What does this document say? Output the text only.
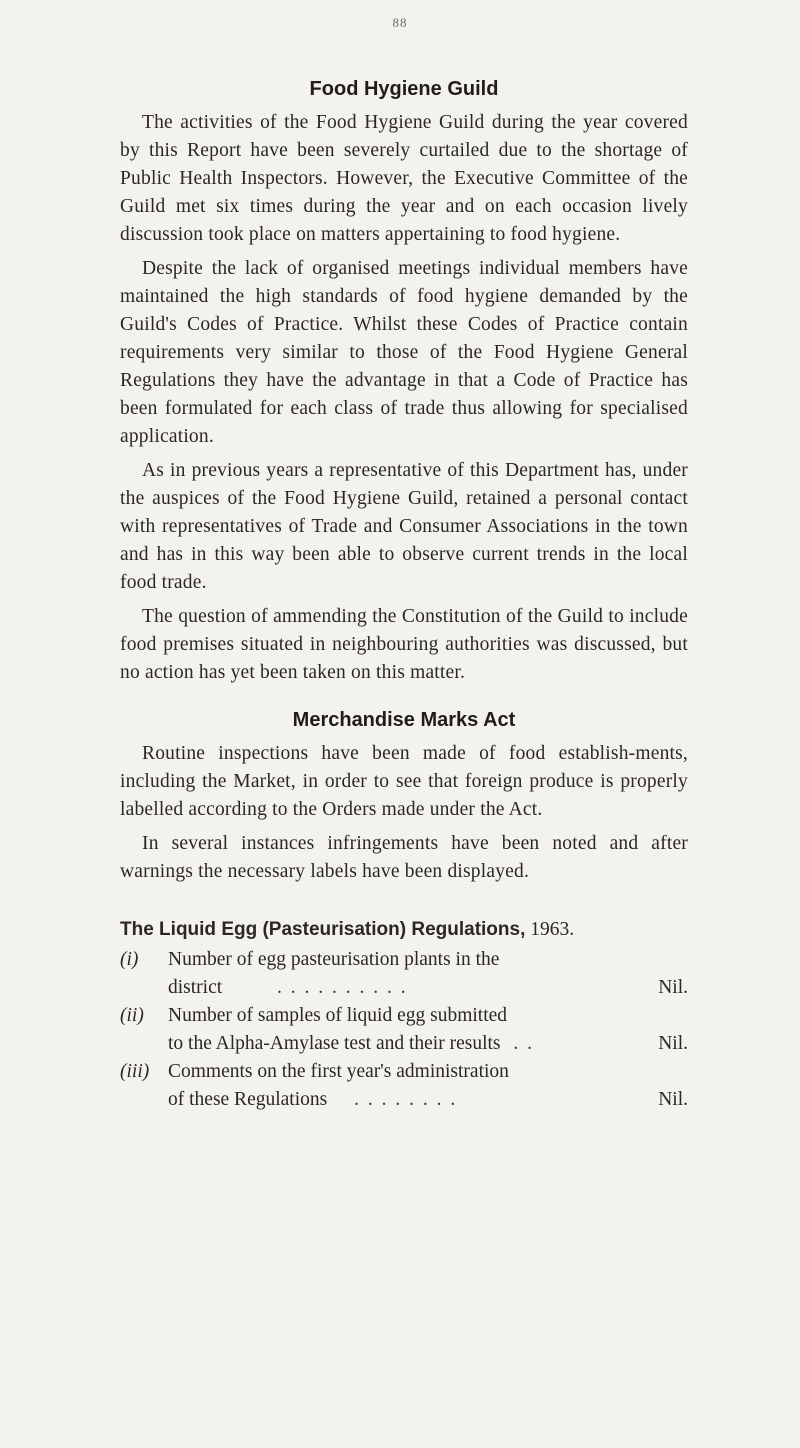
88
Food Hygiene Guild

The activities of the Food Hygiene Guild during the year covered by this Report have been severely curtailed due to the shortage of Public Health Inspectors. However, the Executive Committee of the Guild met six times during the year and on each occasion lively discussion took place on matters appertaining to food hygiene.

Despite the lack of organised meetings individual members have maintained the high standards of food hygiene demanded by the Guild's Codes of Practice. Whilst these Codes of Practice contain requirements very similar to those of the Food Hygiene General Regulations they have the advantage in that a Code of Practice has been formulated for each class of trade thus allowing for specialised application.

As in previous years a representative of this Department has, under the auspices of the Food Hygiene Guild, retained a personal contact with representatives of Trade and Consumer Associations in the town and has in this way been able to observe current trends in the local food trade.

The question of ammending the Constitution of the Guild to include food premises situated in neighbouring authorities was discussed, but no action has yet been taken on this matter.

Merchandise Marks Act

Routine inspections have been made of food establish-ments, including the Market, in order to see that foreign produce is properly labelled according to the Orders made under the Act.

In several instances infringements have been noted and after warnings the necessary labels have been displayed.

The Liquid Egg (Pasteurisation) Regulations, 1963.
(i)	Number of egg pasteurisation plants in the
district	. . . . . . . . . .	Nil.
(ii)	Number of samples of liquid egg submitted
to the Alpha-Amylase test and their results . .	Nil.
(iii) Comments on the first year's administration
of these Regulations . . . . . . . .	Nil.
